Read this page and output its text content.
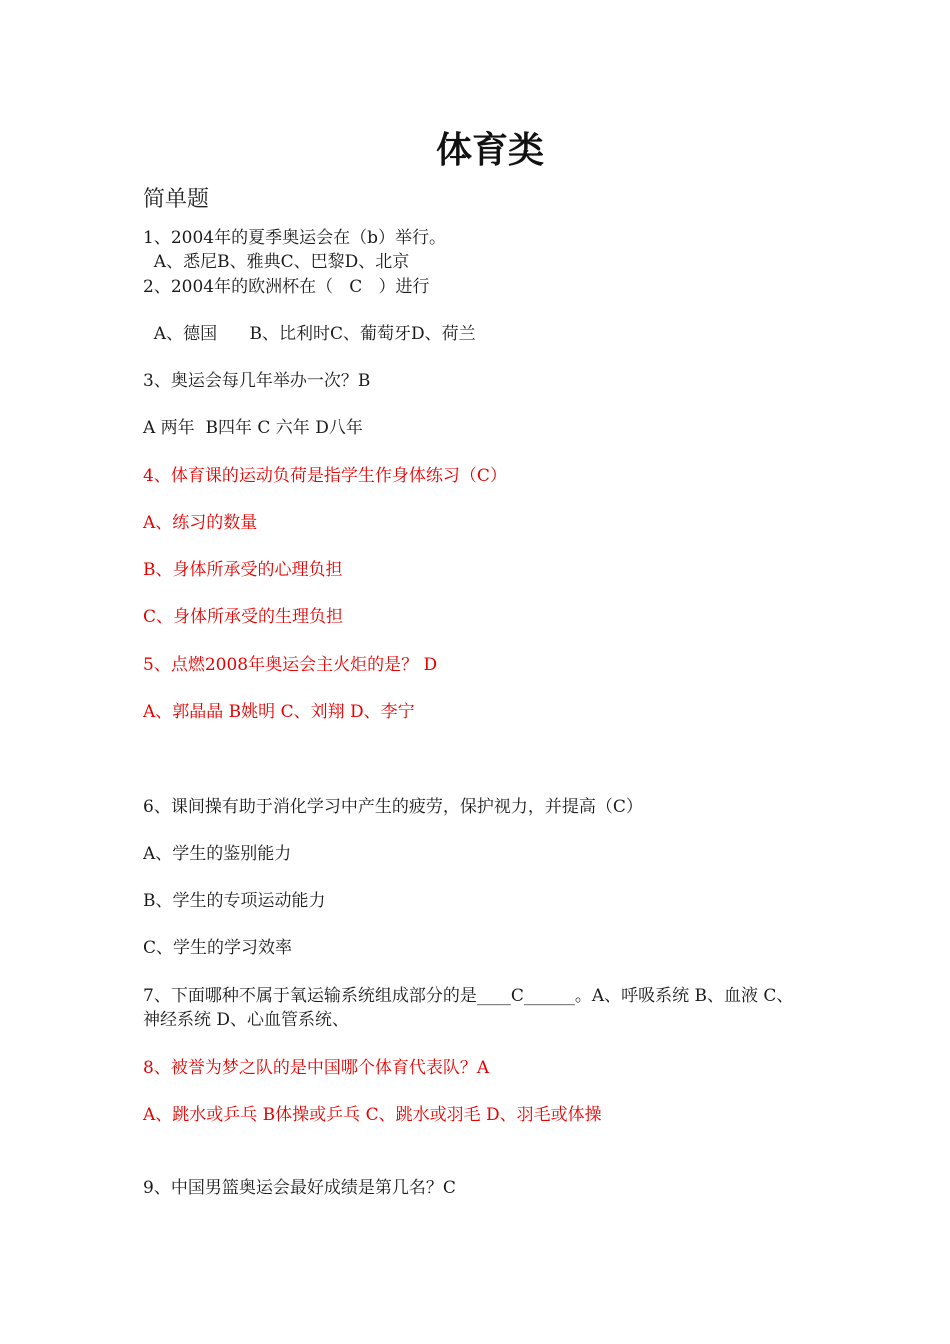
体育类
简单题
1、2004年的夏季奥运会在（b）举行。
A、悉尼B、雅典C、巴黎D、北京
2、2004年的欧洲杯在（   C   ）进行
A、德国      B、比利时C、葡萄牙D、荷兰
3、奥运会每几年举办一次？B
A 两年  B四年 C 六年 D八年
4、体育课的运动负荷是指学生作身体练习（C）
A、练习的数量
B、身体所承受的心理负担
C、身体所承受的生理负担
5、点燃2008年奥运会主火炬的是？ D
A、郭晶晶 B姚明 C、刘翔 D、李宁
6、课间操有助于消化学习中产生的疲劳，保护视力，并提高（C）
A、学生的鉴别能力
B、学生的专项运动能力
C、学生的学习效率
7、下面哪种不属于氧运输系统组成部分的是____C______。A、呼吸系统 B、血液 C、神经系统 D、心血管系统、
8、被誉为梦之队的是中国哪个体育代表队？A
A、跳水或乒乓 B体操或乒乓 C、跳水或羽毛 D、羽毛或体操
9、中国男篮奥运会最好成绩是第几名？C
